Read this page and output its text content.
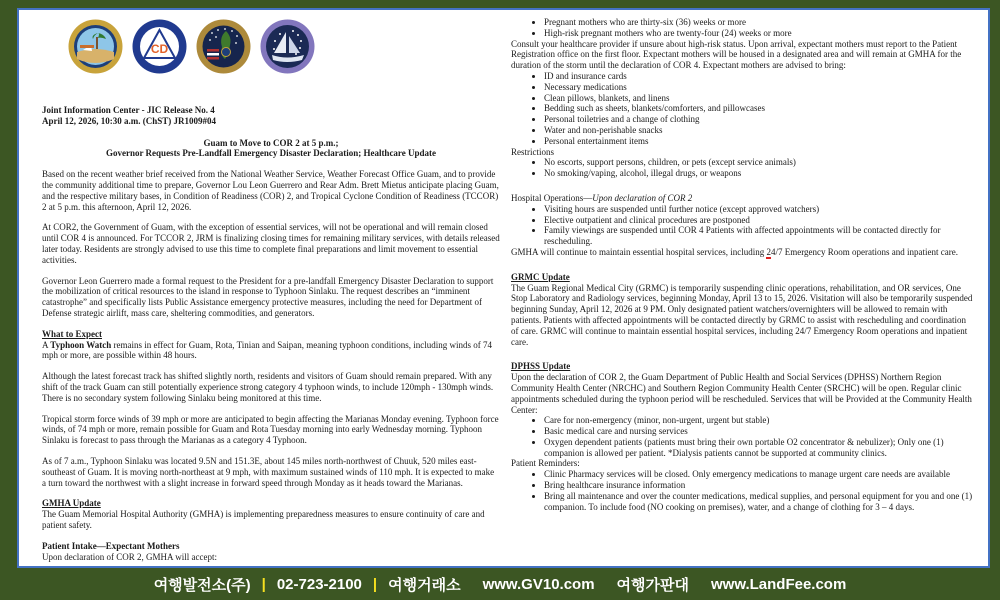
CD
Joint Information Center - JIC Release No. 4
April 12, 2026, 10:30 a.m. (ChST) JR1009#04
Guam to Move to COR 2 at 5 p.m.;
Governor Requests Pre-Landfall Emergency Disaster Declaration; Healthcare Update

Based on the recent weather brief received from the National Weather Service, Weather Forecast Office Guam, and to provide the community additional time to prepare, Governor Lou Leon Guerrero and Rear Adm. Brett Mietus anticipate placing Guam, and the respective military bases, in Condition of Readiness (COR) 2, and Tropical Cyclone Condition of Readiness (TCCOR) 2 at 5 p.m. this afternoon, April 12, 2026.

At COR2, the Government of Guam, with the exception of essential services, will not be operational and will remain closed until COR 4 is announced. For TCCOR 2, JRM is finalizing closing times for remaining military services, with details released later today. Residents are strongly advised to use this time to complete final preparations and limit movement to essential activities.

Governor Leon Guerrero made a formal request to the President for a pre-landfall Emergency Disaster Declaration to support the mobilization of critical resources to the island in response to Typhoon Sinlaku. The request describes an “imminent catastrophe” and specifically lists Public Assistance emergency protective measures, including the need for Department of Defense strategic airlift, mass care, sheltering commodities, and generators.

What to Expect

A Typhoon Watch remains in effect for Guam, Rota, Tinian and Saipan, meaning typhoon conditions, including winds of 74 mph or more, are possible within 48 hours.

Although the latest forecast track has shifted slightly north, residents and visitors of Guam should remain prepared. With any shift of the track Guam can still potentially experience strong category 4 typhoon winds, to include 120mph - 130mph winds. There is no secondary system following Sinlaku being monitored at this time.

Tropical storm force winds of 39 mph or more are anticipated to begin affecting the Marianas Monday evening. Typhoon force winds, of 74 mph or more, remain possible for Guam and Rota Tuesday morning into early Wednesday morning. Typhoon Sinlaku is forecast to pass through the Marianas as a category 4 Typhoon.

As of 7 a.m., Typhoon Sinlaku was located 9.5N and 151.3E, about 145 miles north-northwest of Chuuk, 520 miles east-southeast of Guam. It is moving north-northeast at 9 mph, with maximum sustained winds of 110 mph. It is expected to make a turn toward the northwest with a slight increase in forward speed through Monday as it heads toward the Marianas.

GMHA Update

The Guam Memorial Hospital Authority (GMHA) is implementing preparedness measures to ensure continuity of care and patient safety.

Patient Intake—Expectant Mothers

Upon declaration of COR 2, GMHA will accept:

• Pregnant mothers who are thirty-six (36) weeks or more
• High-risk pregnant mothers who are twenty-four (24) weeks or more

Consult your healthcare provider if unsure about high-risk status. Upon arrival, expectant mothers must report to the Patient Registration office on the first floor. Expectant mothers will be housed in a designated area and will remain at GMHA for the duration of the storm until the declaration of COR 4. Expectant mothers are advised to bring:

• ID and insurance cards
• Necessary medications
• Clean pillows, blankets, and linens
• Bedding such as sheets, blankets/comforters, and pillowcases
• Personal toiletries and a change of clothing
• Water and non-perishable snacks
• Personal entertainment items
Restrictions
• No escorts, support persons, children, or pets (except service animals)
• No smoking/vaping, alcohol, illegal drugs, or weapons

Hospital Operations—Upon declaration of COR 2

• Visiting hours are suspended until further notice (except approved watchers)
• Elective outpatient and clinical procedures are postponed
• Family viewings are suspended until COR 4 Patients with affected appointments will be contacted directly for rescheduling.

GMHA will continue to maintain essential hospital services, including 24/7 Emergency Room operations and inpatient care.

GRMC Update

The Guam Regional Medical City (GRMC) is temporarily suspending clinic operations, rehabilitation, and OR services, One Stop Laboratory and Radiology services, beginning Monday, April 13 to 15, 2026. Visitation will also be temporarily suspended beginning Sunday, April 12, 2026 at 9 PM. Only designated patient watchers/overnighters will be allowed to remain with patients. Patients with affected appointments will be contacted directly by GRMC to assist with rescheduling and coordination of care. GRMC will continue to maintain essential hospital services, including 24/7 Emergency Room operations and inpatient care.

DPHSS Update

Upon the declaration of COR 2, the Guam Department of Public Health and Social Services (DPHSS) Northern Region Community Health Center (NRCHC) and Southern Region Community Health Center (SRCHC) will be open. Regular clinic appointments scheduled during the typhoon period will be rescheduled. Services that will be Provided at the Community Health Center:

• Care for non-emergency (minor, non-urgent, urgent but stable)
• Basic medical care and nursing services
• Oxygen dependent patients (patients must bring their own portable O2 concentrator & nebulizer); Only one (1) companion is allowed per patient. *Dialysis patients cannot be supported at community clinics.
Patient Reminders:
• Clinic Pharmacy services will be closed. Only emergency medications to manage urgent care needs are available
• Bring healthcare insurance information
• Bring all maintenance and over the counter medications, medical supplies, and personal equipment for you and one (1) companion. To include food (NO cooking on premises), water, and a change of clothing for 3 – 4 days.
여행발전소(주) | 02-723-2100 | 여행거래소 www.GV10.com 여행가판대 www.LandFee.com
